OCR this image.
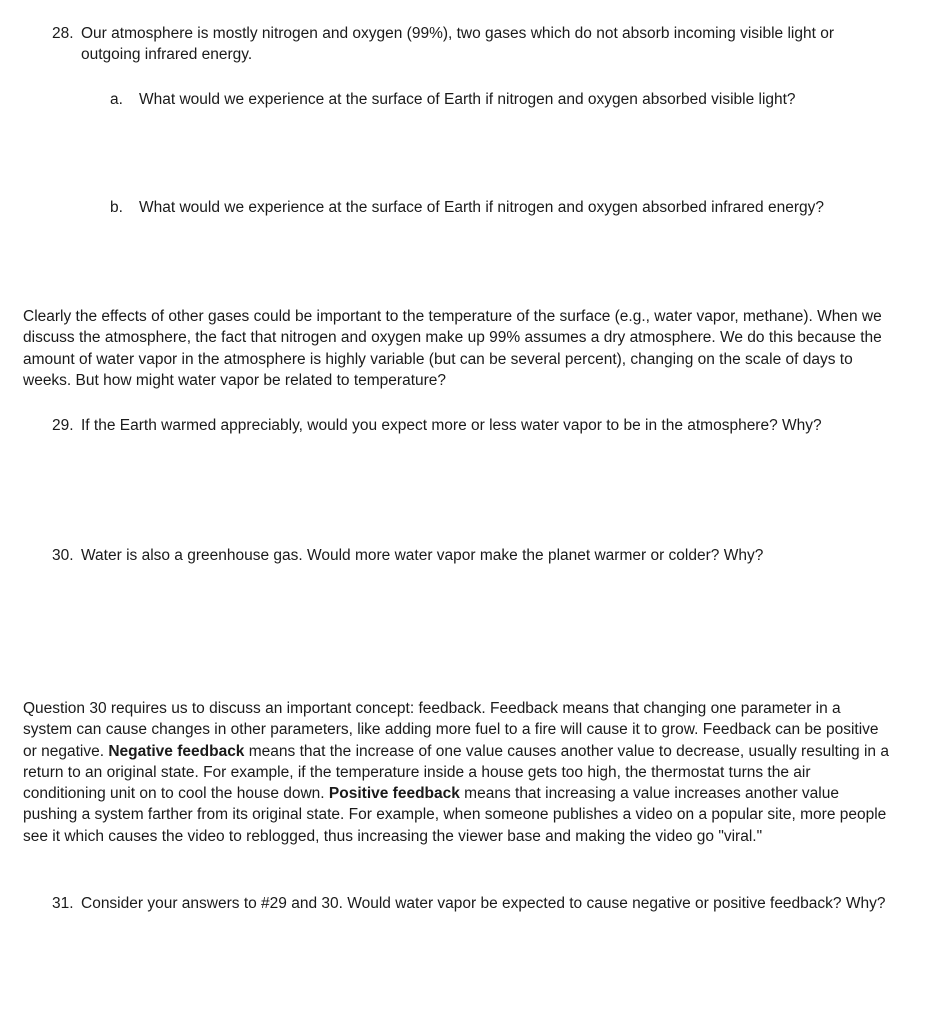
28. Our atmosphere is mostly nitrogen and oxygen (99%), two gases which do not absorb incoming visible light or outgoing infrared energy.
a.	What would we experience at the surface of Earth if nitrogen and oxygen absorbed visible light?
b.	What would we experience at the surface of Earth if nitrogen and oxygen absorbed infrared energy?

Clearly the effects of other gases could be important to the temperature of the surface (e.g., water vapor, methane). When we discuss the atmosphere, the fact that nitrogen and oxygen make up 99% assumes a dry atmosphere. We do this because the amount of water vapor in the atmosphere is highly variable (but can be several percent), changing on the scale of days to weeks. But how might water vapor be related to temperature?

29. If the Earth warmed appreciably, would you expect more or less water vapor to be in the atmosphere? Why?
30. Water is also a greenhouse gas. Would more water vapor make the planet warmer or colder? Why?

Question 30 requires us to discuss an important concept: feedback. Feedback means that changing one parameter in a system can cause changes in other parameters, like adding more fuel to a fire will cause it to grow. Feedback can be positive or negative. Negative feedback means that the increase of one value causes another value to decrease, usually resulting in a return to an original state. For example, if the temperature inside a house gets too high, the thermostat turns the air conditioning unit on to cool the house down. Positive feedback means that increasing a value increases another value pushing a system farther from its original state. For example, when someone publishes a video on a popular site, more people see it which causes the video to reblogged, thus increasing the viewer base and making the video go "viral."

31. Consider your answers to #29 and 30. Would water vapor be expected to cause negative or positive feedback? Why?
